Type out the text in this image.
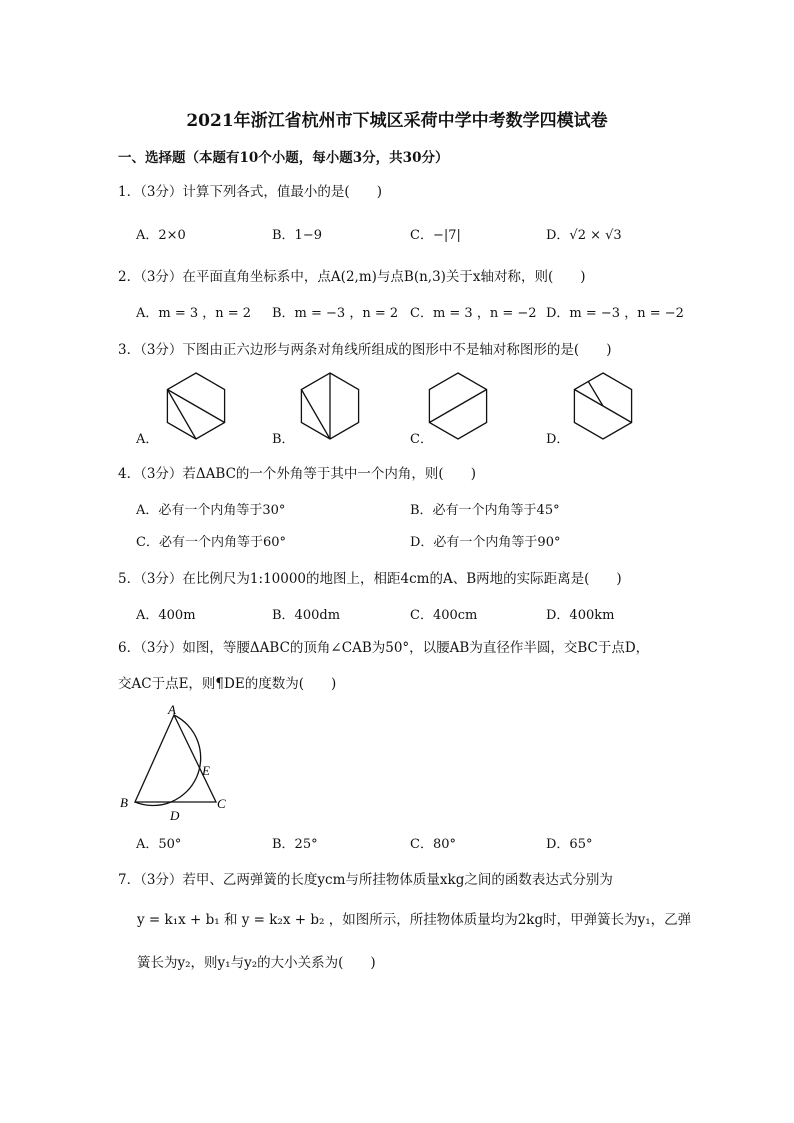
2021年浙江省杭州市下城区采荷中学中考数学四模试卷
一、选择题（本题有10个小题，每小题3分，共30分）
1．（3分）计算下列各式，值最小的是(　　)
A．2×0	B．1−9	C．−|7|	D．√2 × √3
2．（3分）在平面直角坐标系中，点A(2,m)与点B(n,3)关于x轴对称，则(　　)
A．m = 3 ，n = 2 B．m = −3 ，n = 2 C．m = 3 ，n = −2 D．m = −3 ，n = −2
3．（3分）下图由正六边形与两条对角线所组成的图形中不是轴对称图形的是(　　)
A．	B．	C．	D．
4．（3分）若ΔABC的一个外角等于其中一个内角，则(　　)
A．必有一个内角等于30°	B．必有一个内角等于45°
C．必有一个内角等于60°	D．必有一个内角等于90°
5．（3分）在比例尺为1:10000的地图上，相距4cm的A、B两地的实际距离是(　　)
A．400m	B．400dm	C．400cm	D．400km
6．（3分）如图，等腰ΔABC的顶角∠CAB为50°，以腰AB为直径作半圆，交BC于点D，
交AC于点E，则¶DE的度数为(　　)
A
B	C
D
E
A．50°	B．25°	C．80°	D．65°
7．（3分）若甲、乙两弹簧的长度ycm与所挂物体质量xkg之间的函数表达式分别为
y = k₁x + b₁ 和 y = k₂x + b₂ ，如图所示，所挂物体质量均为2kg时，甲弹簧长为y₁，乙弹
簧长为y₂，则y₁与y₂的大小关系为(　　)
